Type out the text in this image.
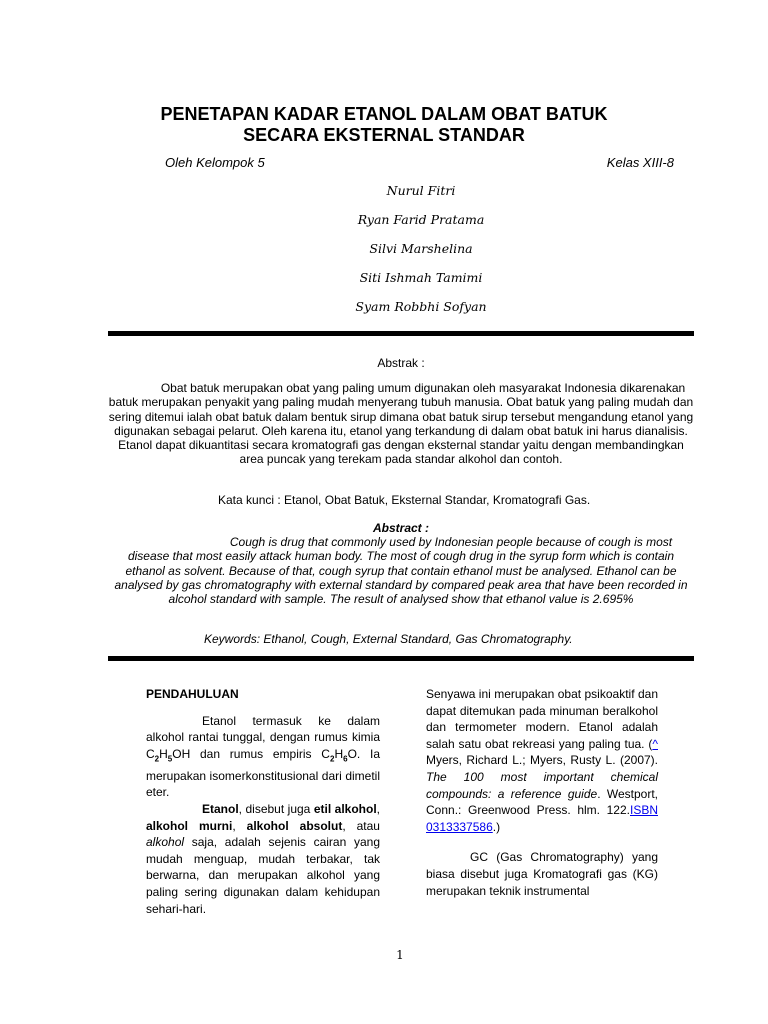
PENETAPAN KADAR ETANOL DALAM OBAT BATUK
SECARA EKSTERNAL STANDAR
Oleh Kelompok 5	Kelas XIII-8
Nurul Fitri
Ryan Farid Pratama
Silvi Marshelina
Siti Ishmah Tamimi
Syam Robbhi Sofyan
Abstrak :
Obat batuk merupakan obat yang paling umum digunakan oleh masyarakat Indonesia dikarenakan batuk merupakan penyakit yang paling mudah menyerang tubuh manusia. Obat batuk yang paling mudah dan sering ditemui ialah obat batuk dalam bentuk sirup dimana obat batuk sirup tersebut mengandung etanol yang digunakan sebagai pelarut. Oleh karena itu, etanol yang terkandung di dalam obat batuk ini harus dianalisis. Etanol dapat dikuantitasi secara kromatografi gas dengan eksternal standar yaitu dengan membandingkan area puncak yang terekam pada standar alkohol dan contoh.
Kata kunci : Etanol, Obat Batuk, Eksternal Standar, Kromatografi Gas.
Abstract :
Cough is drug that commonly used by Indonesian people because of cough is most disease that most easily attack human body. The most of cough drug in the syrup form which is contain ethanol as solvent. Because of that, cough syrup that contain ethanol must be analysed. Ethanol can be analysed by gas chromatography with external standard by compared peak area that have been recorded in alcohol standard with sample. The result of analysed show that ethanol value is 2.695%
Keywords: Ethanol, Cough, External Standard, Gas Chromatography.
PENDAHULUAN
Etanol termasuk ke dalam alkohol rantai tunggal, dengan rumus kimia $C_2H_5OH$ dan rumus empiris $C_2H_6O$. Ia merupakan isomerkonstitusional dari dimetil eter.
Etanol, disebut juga etil alkohol, alkohol murni, alkohol absolut, atau alkohol saja, adalah sejenis cairan yang mudah menguap, mudah terbakar, tak berwarna, dan merupakan alkohol yang paling sering digunakan dalam kehidupan sehari-hari.
Senyawa ini merupakan obat psikoaktif dan dapat ditemukan pada minuman beralkohol dan termometer modern. Etanol adalah salah satu obat rekreasi yang paling tua. (^ Myers, Richard L.; Myers, Rusty L. (2007). The 100 most important chemical compounds: a reference guide. Westport, Conn.: Greenwood Press. hlm. 122.ISBN 0313337586.)
GC (Gas Chromatography) yang biasa disebut juga Kromatografi gas (KG) merupakan teknik instrumental
1
